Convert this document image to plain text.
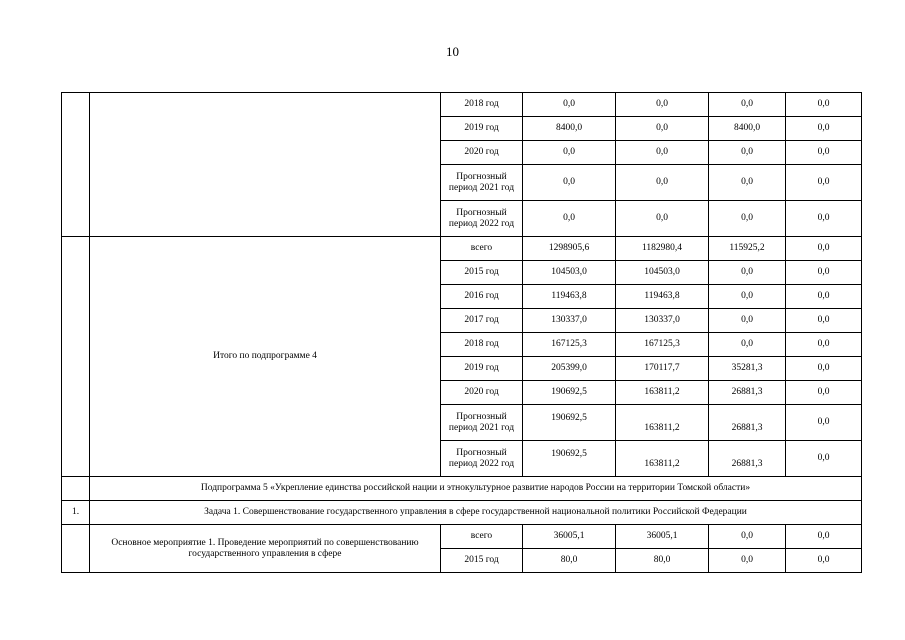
10
		2018 год	0,0	0,0	0,0	0,0
		2019 год	8400,0	0,0	8400,0	0,0
		2020 год	0,0	0,0	0,0	0,0
		Прогнозный период 2021 год	0,0	0,0	0,0	0,0
		Прогнозный период 2022 год	0,0	0,0	0,0	0,0
	Итого по подпрограмме 4	всего	1298905,6	1182980,4	115925,2	0,0
		2015 год	104503,0	104503,0	0,0	0,0
		2016 год	119463,8	119463,8	0,0	0,0
		2017 год	130337,0	130337,0	0,0	0,0
		2018 год	167125,3	167125,3	0,0	0,0
		2019 год	205399,0	170117,7	35281,3	0,0
		2020 год	190692,5	163811,2	26881,3	0,0
		Прогнозный период 2021 год	190692,5	163811,2	26881,3	0,0
		Прогнозный период 2022 год	190692,5	163811,2	26881,3	0,0
	Подпрограмма 5 «Укрепление единства российской нации и этнокультурное развитие народов России на территории Томской области»					
1.	Задача 1. Совершенствование государственного управления в сфере государственной национальной политики Российской Федерации					
	Основное мероприятие 1. Проведение мероприятий по совершенствованию государственного управления в сфере	всего	36005,1	36005,1	0,0	0,0
		2015 год	80,0	80,0	0,0	0,0
